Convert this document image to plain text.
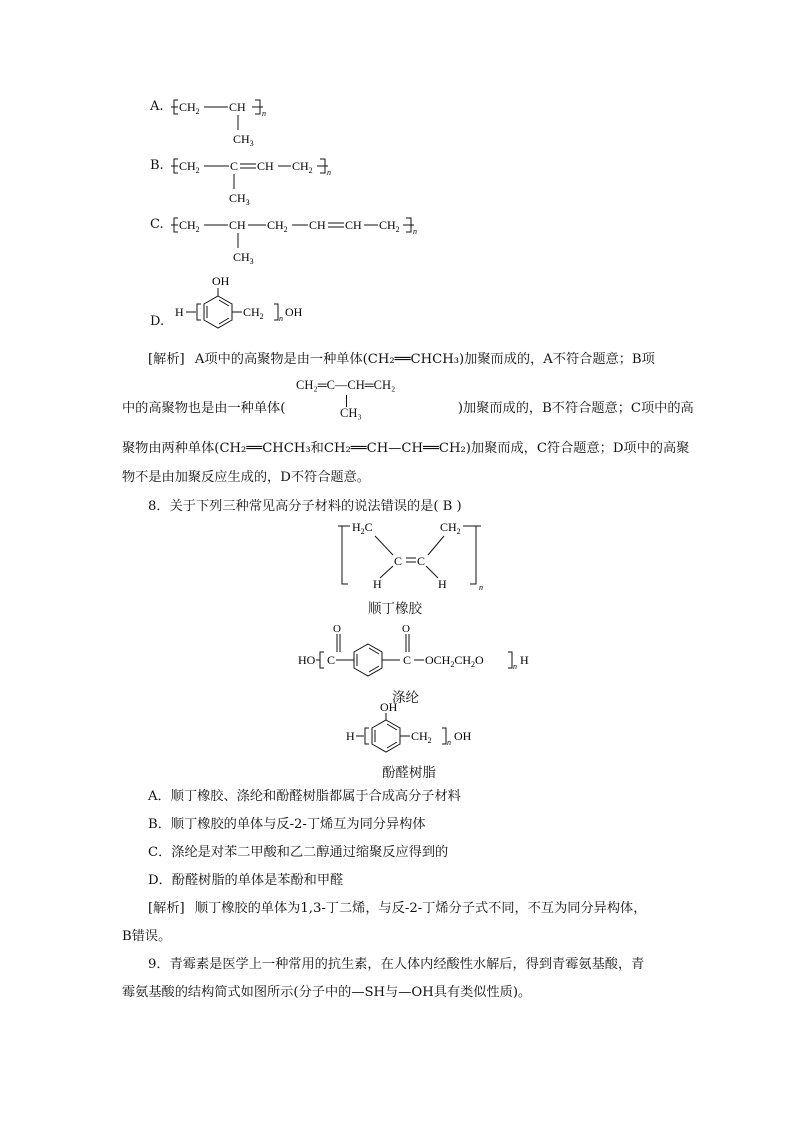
A. $CH_2$ CH n
$CH_3$
B. $CH_2$	C CH $CH_2$ n
$CH_3$
C. $CH_2$ CH $CH_2$ CH CH $CH_2$ n
$CH_3$
D.
H
OH
$CH_2$ n OH
[解析] A项中的高聚物是由一种单体(CH₂══CHCH₃)加聚而成的，A不符合题意；B项
中的高聚物也是由一种单体(	)加聚而成的，B不符合题意；C项中的高
CH₂═C—CH═CH₂
CH₃
聚物由两种单体(CH₂══CHCH₃和CH₂══CH—CH══CH₂)加聚而成，C符合题意；D项中的高聚
物不是由加聚反应生成的，D不符合题意。
8．关于下列三种常见高分子材料的说法错误的是( B )
$H_2C$	$CH_2$
C C
H	H	n
顺丁橡胶
HO
O
C
O
C $OCH_2CH_2O$	n H
涤纶
H
OH
$CH_2$ n OH
酚醛树脂
A．顺丁橡胶、涤纶和酚醛树脂都属于合成高分子材料
B．顺丁橡胶的单体与反-2-丁烯互为同分异构体
C．涤纶是对苯二甲酸和乙二醇通过缩聚反应得到的
D．酚醛树脂的单体是苯酚和甲醛
[解析] 顺丁橡胶的单体为1,3-丁二烯，与反-2-丁烯分子式不同，不互为同分异构体，
B错误。
9．青霉素是医学上一种常用的抗生素，在人体内经酸性水解后，得到青霉氨基酸，青
霉氨基酸的结构简式如图所示(分子中的—SH与—OH具有类似性质)。
